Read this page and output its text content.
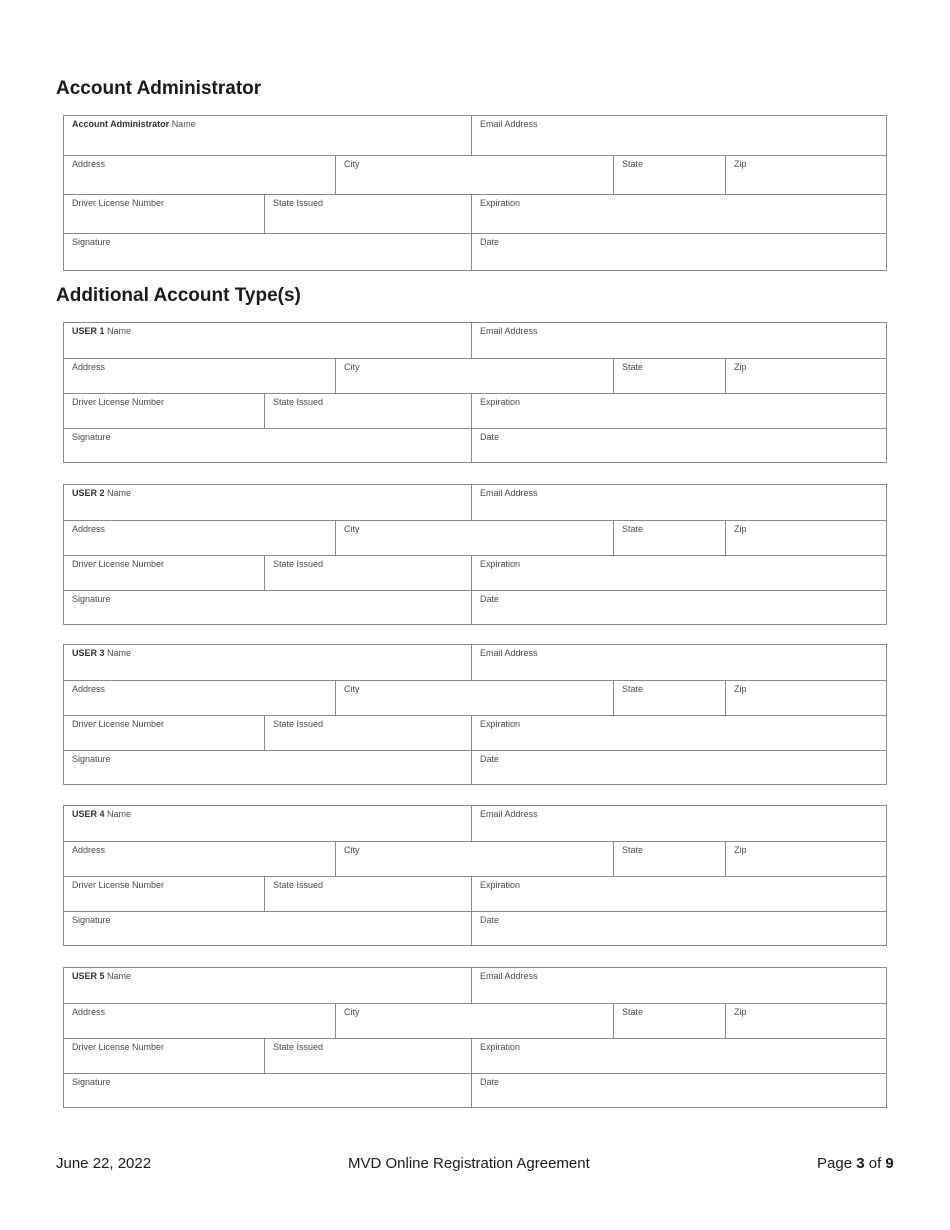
Account Administrator
Account Administrator Name	Email Address
Address	City	State	Zip
Driver License Number	State Issued	Expiration
Signature	Date
Additional Account Type(s)
USER 1 Name	Email Address
Address	City	State	Zip
Driver License Number	State Issued	Expiration
Signature	Date
USER 2 Name	Email Address
Address	City	State	Zip
Driver License Number	State Issued	Expiration
Signature	Date
USER 3 Name	Email Address
Address	City	State	Zip
Driver License Number	State Issued	Expiration
Signature	Date
USER 4 Name	Email Address
Address	City	State	Zip
Driver License Number	State Issued	Expiration
Signature	Date
USER 5 Name	Email Address
Address	City	State	Zip
Driver License Number	State Issued	Expiration
Signature	Date
June 22, 2022	MVD Online Registration Agreement	Page 3 of 9
